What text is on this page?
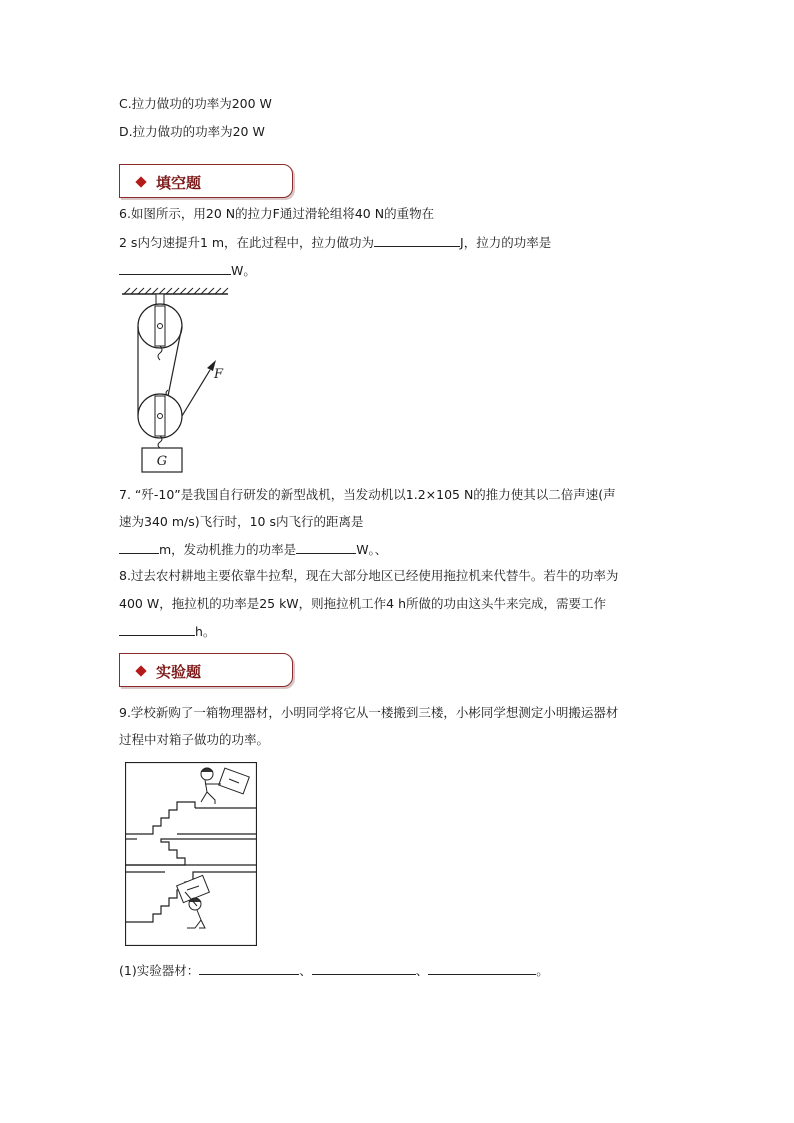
C.拉力做功的功率为200 W
D.拉力做功的功率为20 W
填空题
6.如图所示，用20 N的拉力F通过滑轮组将40 N的重物在
2 s内匀速提升1 m，在此过程中，拉力做功为	J，拉力的功率是
W。
F
G
7. “歼-10”是我国自行研发的新型战机，当发动机以1.2×105 N的推力使其以二倍声速(声
速为340 m/s)飞行时，10 s内飞行的距离是
m，发动机推力的功率是	W。、
8.过去农村耕地主要依靠牛拉犁，现在大部分地区已经使用拖拉机来代替牛。若牛的功率为
400 W，拖拉机的功率是25 kW，则拖拉机工作4 h所做的功由这头牛来完成，需要工作
h。
实验题
9.学校新购了一箱物理器材，小明同学将它从一楼搬到三楼，小彬同学想测定小明搬运器材
过程中对箱子做功的功率。
(1)实验器材：	、	、	。
